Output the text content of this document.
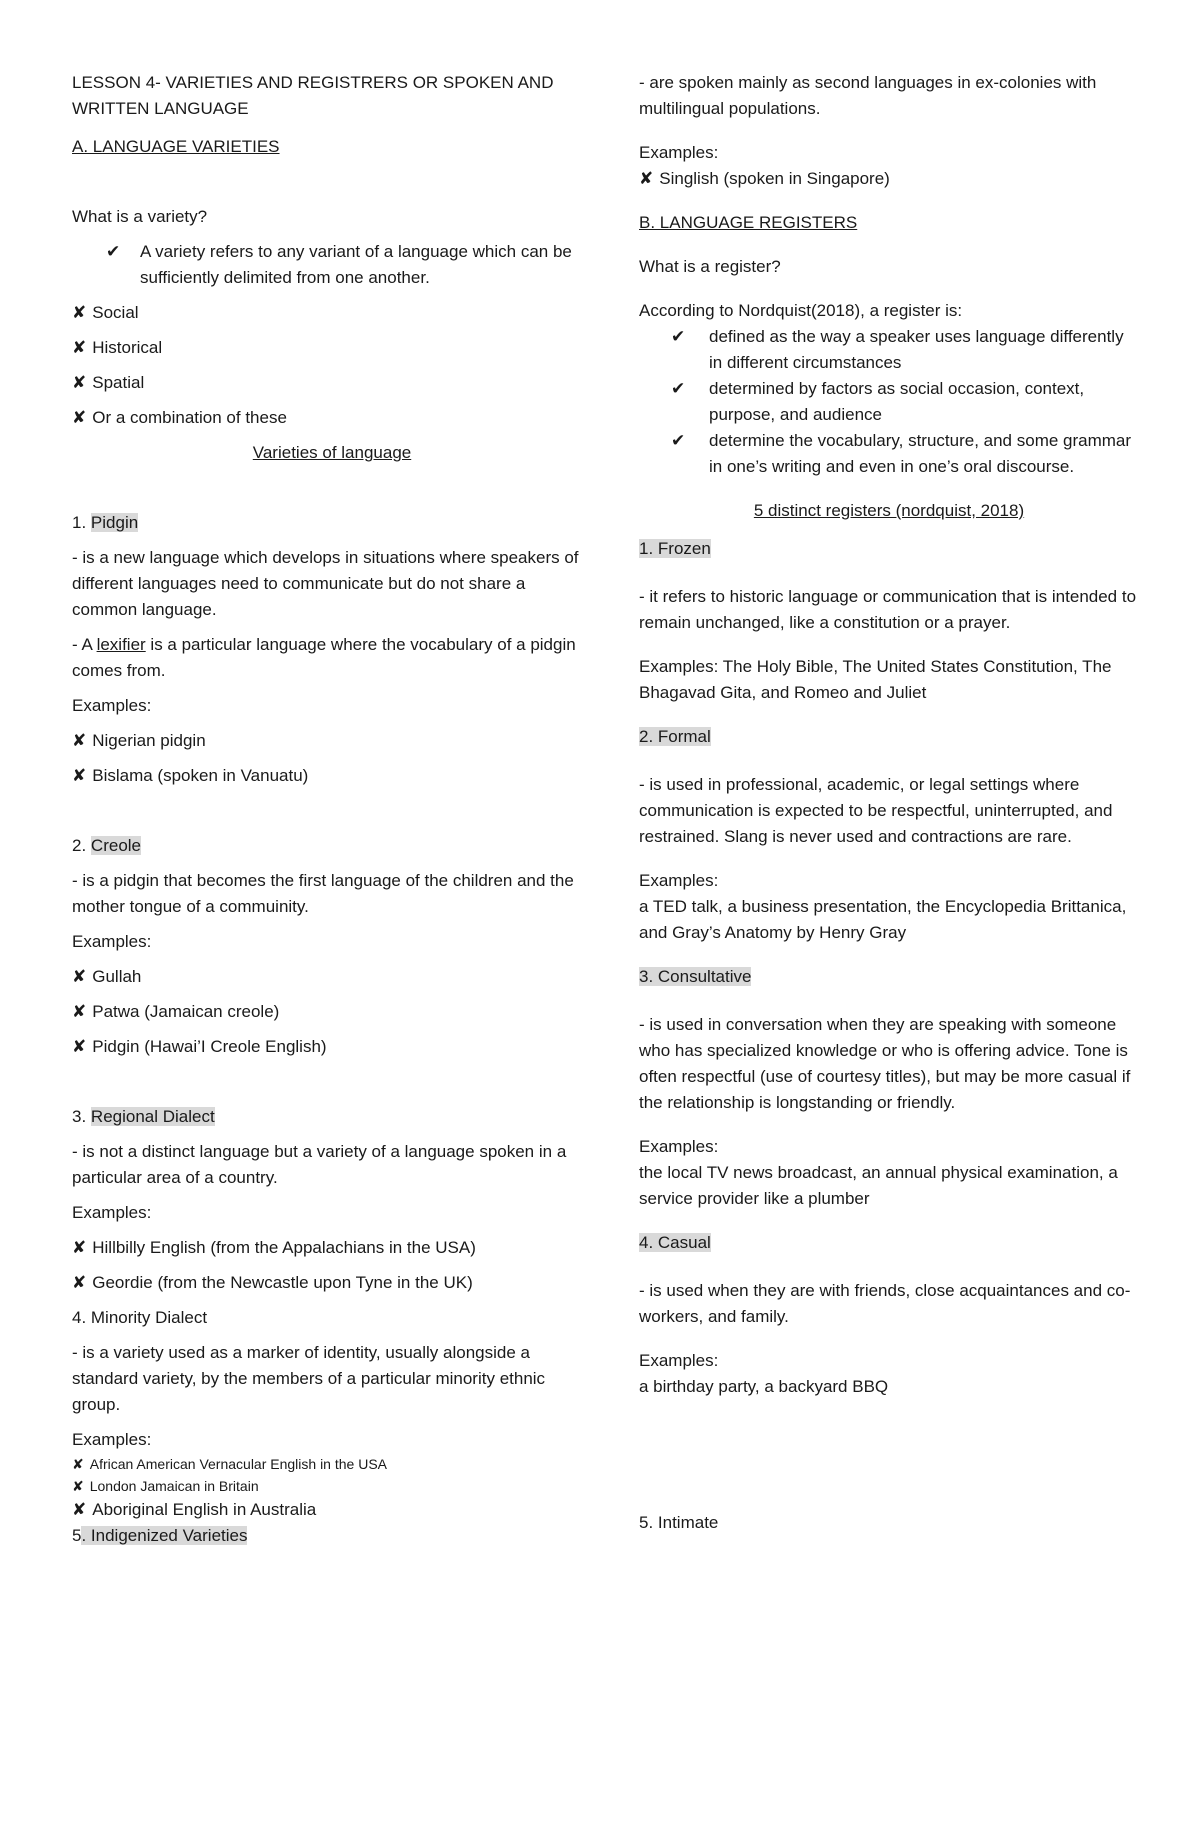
LESSON 4- VARIETIES AND REGISTRERS OR SPOKEN AND WRITTEN LANGUAGE

A. LANGUAGE VARIETIES

What is a variety?

✔ A variety refers to any variant of a language which can be sufficiently delimited from one another.

✘ Social

✘ Historical

✘ Spatial

✘ Or a combination of these

Varieties of language

1. Pidgin

- is a new language which develops in situations where speakers of different languages need to communicate but do not share a common language.

- A lexifier is a particular language where the vocabulary of a pidgin comes from.

Examples:

✘ Nigerian pidgin

✘ Bislama (spoken in Vanuatu)

2. Creole

- is a pidgin that becomes the first language of the children and the mother tongue of a commuinity.

Examples:

✘ Gullah

✘ Patwa (Jamaican creole)

✘ Pidgin (Hawai’I Creole English)

3. Regional Dialect

- is not a distinct language but a variety of a language spoken in a particular area of a country.

Examples:

✘ Hillbilly English (from the Appalachians in the USA)

✘ Geordie (from the Newcastle upon Tyne in the UK)

4. Minority Dialect

- is a variety used as a marker of identity, usually alongside a standard variety, by the members of a particular minority ethnic group.

Examples:

✘ African American Vernacular English in the USA

✘ London Jamaican in Britain

✘ Aboriginal English in Australia

5. Indigenized Varieties

- are spoken mainly as second languages in ex-colonies with multilingual populations.

Examples:

✘ Singlish (spoken in Singapore)

B. LANGUAGE REGISTERS

What is a register?

According to Nordquist(2018), a register is:

✔ defined as the way a speaker uses language differently in different circumstances
✔ determined by factors as social occasion, context, purpose, and audience
✔ determine the vocabulary, structure, and some grammar in one’s writing and even in one’s oral discourse.

5 distinct registers (nordquist, 2018)

1. Frozen

- it refers to historic language or communication that is intended to remain unchanged, like a constitution or a prayer.

Examples: The Holy Bible, The United States Constitution, The Bhagavad Gita, and Romeo and Juliet

2. Formal

- is used in professional, academic, or legal settings where communication is expected to be respectful, uninterrupted, and restrained. Slang is never used and contractions are rare.

Examples:

a TED talk, a business presentation, the Encyclopedia Brittanica, and Gray’s Anatomy by Henry Gray

3. Consultative

- is used in conversation when they are speaking with someone who has specialized knowledge or who is offering advice. Tone is often respectful (use of courtesy titles), but may be more casual if the relationship is longstanding or friendly.

Examples:

the local TV news broadcast, an annual physical examination, a service provider like a plumber

4. Casual

- is used when they are with friends, close acquaintances and co-workers, and family.

Examples:

a birthday party, a backyard BBQ

5. Intimate
